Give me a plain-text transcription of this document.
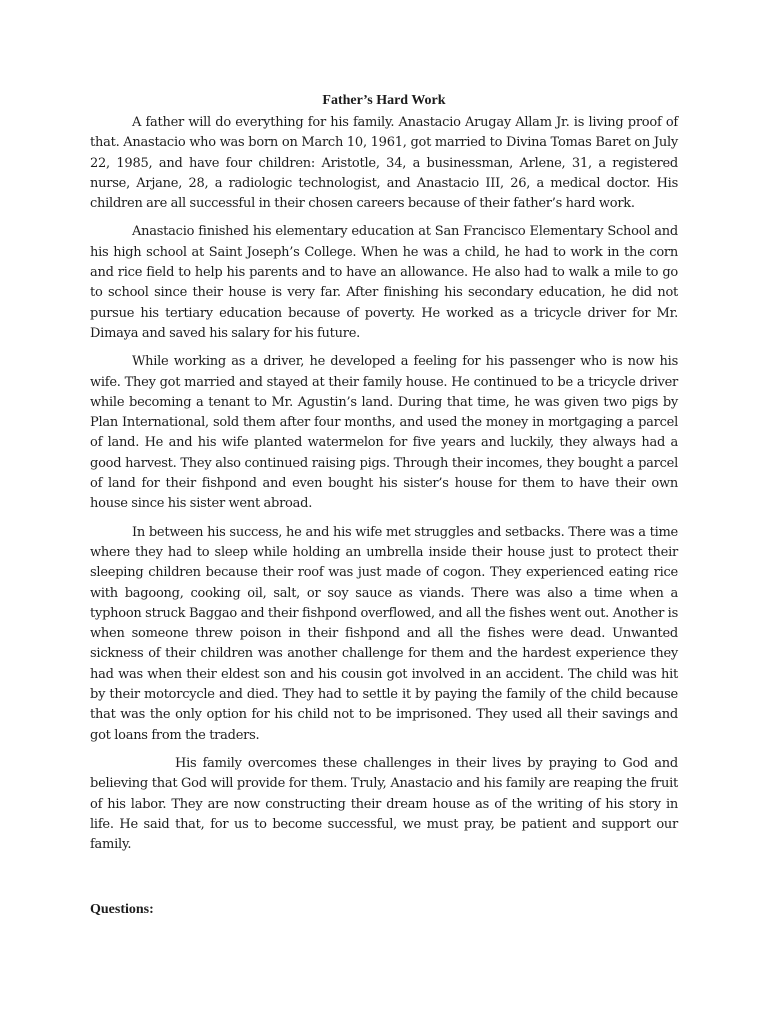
Father’s Hard Work

A father will do everything for his family. Anastacio Arugay Allam Jr. is living proof of that. Anastacio who was born on March 10, 1961, got married to Divina Tomas Baret on July 22, 1985, and have four children: Aristotle, 34, a businessman, Arlene, 31, a registered nurse, Arjane, 28, a radiologic technologist, and Anastacio III, 26, a medical doctor. His children are all successful in their chosen careers because of their father’s hard work.

Anastacio finished his elementary education at San Francisco Elementary School and his high school at Saint Joseph’s College. When he was a child, he had to work in the corn and rice field to help his parents and to have an allowance. He also had to walk a mile to go to school since their house is very far. After finishing his secondary education, he did not pursue his tertiary education because of poverty. He worked as a tricycle driver for Mr. Dimaya and saved his salary for his future.

While working as a driver, he developed a feeling for his passenger who is now his wife. They got married and stayed at their family house. He continued to be a tricycle driver while becoming a tenant to Mr. Agustin’s land. During that time, he was given two pigs by Plan International, sold them after four months, and used the money in mortgaging a parcel of land. He and his wife planted watermelon for five years and luckily, they always had a good harvest. They also continued raising pigs. Through their incomes, they bought a parcel of land for their fishpond and even bought his sister’s house for them to have their own house since his sister went abroad.

In between his success, he and his wife met struggles and setbacks. There was a time where they had to sleep while holding an umbrella inside their house just to protect their sleeping children because their roof was just made of cogon. They experienced eating rice with bagoong, cooking oil, salt, or soy sauce as viands. There was also a time when a typhoon struck Baggao and their fishpond overflowed, and all the fishes went out. Another is when someone threw poison in their fishpond and all the fishes were dead. Unwanted sickness of their children was another challenge for them and the hardest experience they had was when their eldest son and his cousin got involved in an accident. The child was hit by their motorcycle and died. They had to settle it by paying the family of the child because that was the only option for his child not to be imprisoned. They used all their savings and got loans from the traders.

His family overcomes these challenges in their lives by praying to God and believing that God will provide for them. Truly, Anastacio and his family are reaping the fruit of his labor. They are now constructing their dream house as of the writing of his story in life. He said that, for us to become successful, we must pray, be patient and support our family.

Questions:
